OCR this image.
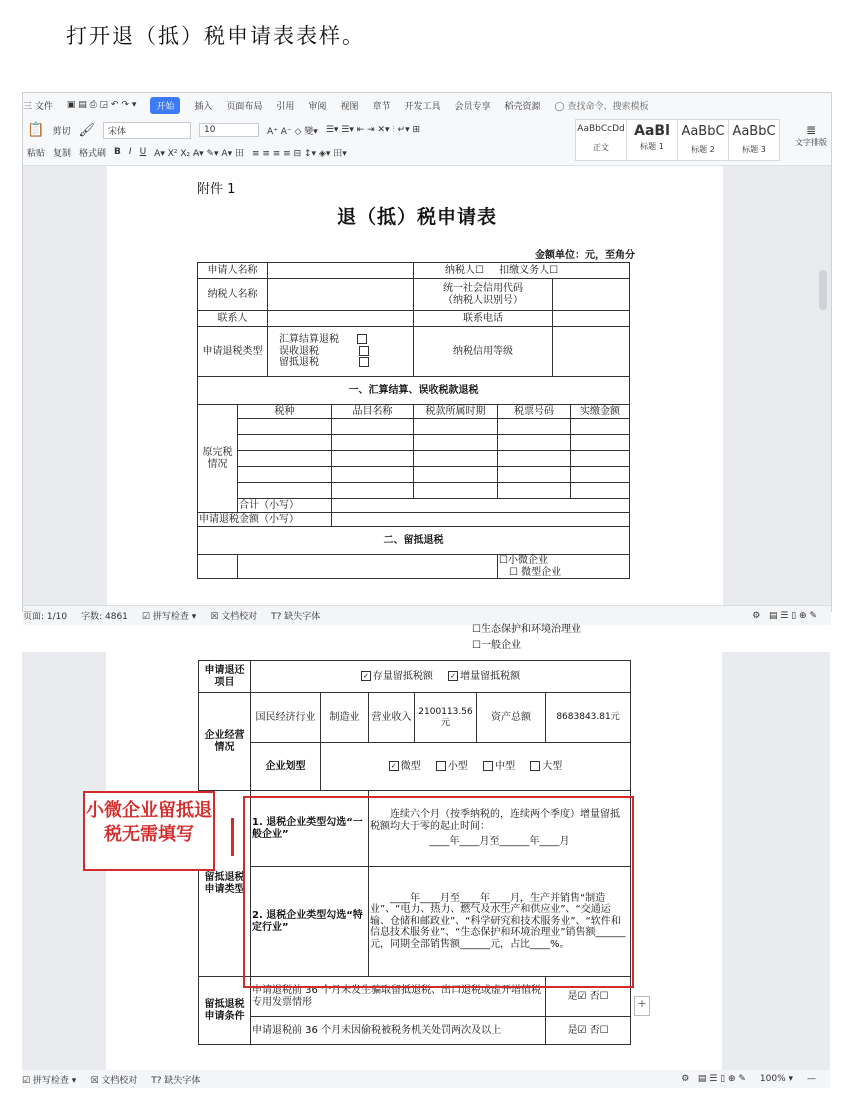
打开退（抵）税申请表表样。
三 文件 ▣ ▤ ⎙ ◲ ↶ ↷ ▾	开始	插入 页面布局 引用 审阅 视图 章节 开发工具 会员专享 稻壳资源 ◯ 查找命令、搜索模板
📋 剪切 🖌	宋体	10	A⁺ A⁻ ◇ 變▾ ☰▾ ☰▾ ⇤ ⇥ ✕▾ ⫶ ↵▾ ⊞
粘贴 复制 格式刷 B I U A▾ X² X₂ A̶▾ ✎▾ A▾ 田 ≡ ≡ ≡ ≡ ⊟ ↕▾ ◈▾ 田▾
AaBbCcDd
正文
AaBl
标题 1
AaBbC
标题 2
AaBbC
标题 3
≣
文字排版
附件 1
退（抵）税申请表
金额单位：元，至角分
申请人名称				纳税人☐ 扣缴义务人☐			
纳税人名称				统一社会信用代码
（纳税人识别号）			

联系人				联系电话			
申请退税类型		汇算结算退税
误收退税
留抵退税		纳税信用等级			
一、汇算结算、误收税款退税							
原完税情况	税种		品目名称	税款所属时期	税票号码		实缴金额

	合计（小写）						
申请退税金额（小写）							
二、留抵退税							

					☐小微企业
☐ 微型企业		
页面: 1/10 字数: 4861 ☑ 拼写检查 ▾ ☒ 文档校对 T? 缺失字体	⚙   ▤ ☰ ▯ ⊕ ✎
☐生态保护和环境治理业
☐一般企业
申请退还项目	✓ 存量留抵税额 ✓ 增量留抵税额					
企业经营情况	国民经济行业	制造业	营业收入	2100113.56元	资产总额	8683843.81元
	企业划型	✓ 微型 小型 中型 大型				
留抵退税申请类型	1. 退税企业类型勾选“一般企业”		连续六个月（按季纳税的，连续两个季度）增量留抵税额均大于零的起止时间：
____年____月至______年____月			

	2. 退税企业类型勾选“特定行业”		____年____月至____年____月，生产并销售“制造业”、“电力、热力、燃气及水生产和供应业”、“交通运输、仓储和邮政业”、“科学研究和技术服务业”、“软件和信息技术服务业”、“生态保护和环境治理业”销售额______元，同期全部销售额______元，占比____%。			
留抵退税申请条件	申请退税前 36 个月未发生骗取留抵退税、出口退税或虚开增值税专用发票情形					是☑ 否☐
	申请退税前 36 个月未因偷税被税务机关处罚两次及以上					是☑ 否☐
+
☑ 拼写检查 ▾ ☒ 文档校对 T? 缺失字体	⚙   ▤ ☰ ▯ ⊕ ✎ 100% ▾ —
小微企业留抵退税无需填写
